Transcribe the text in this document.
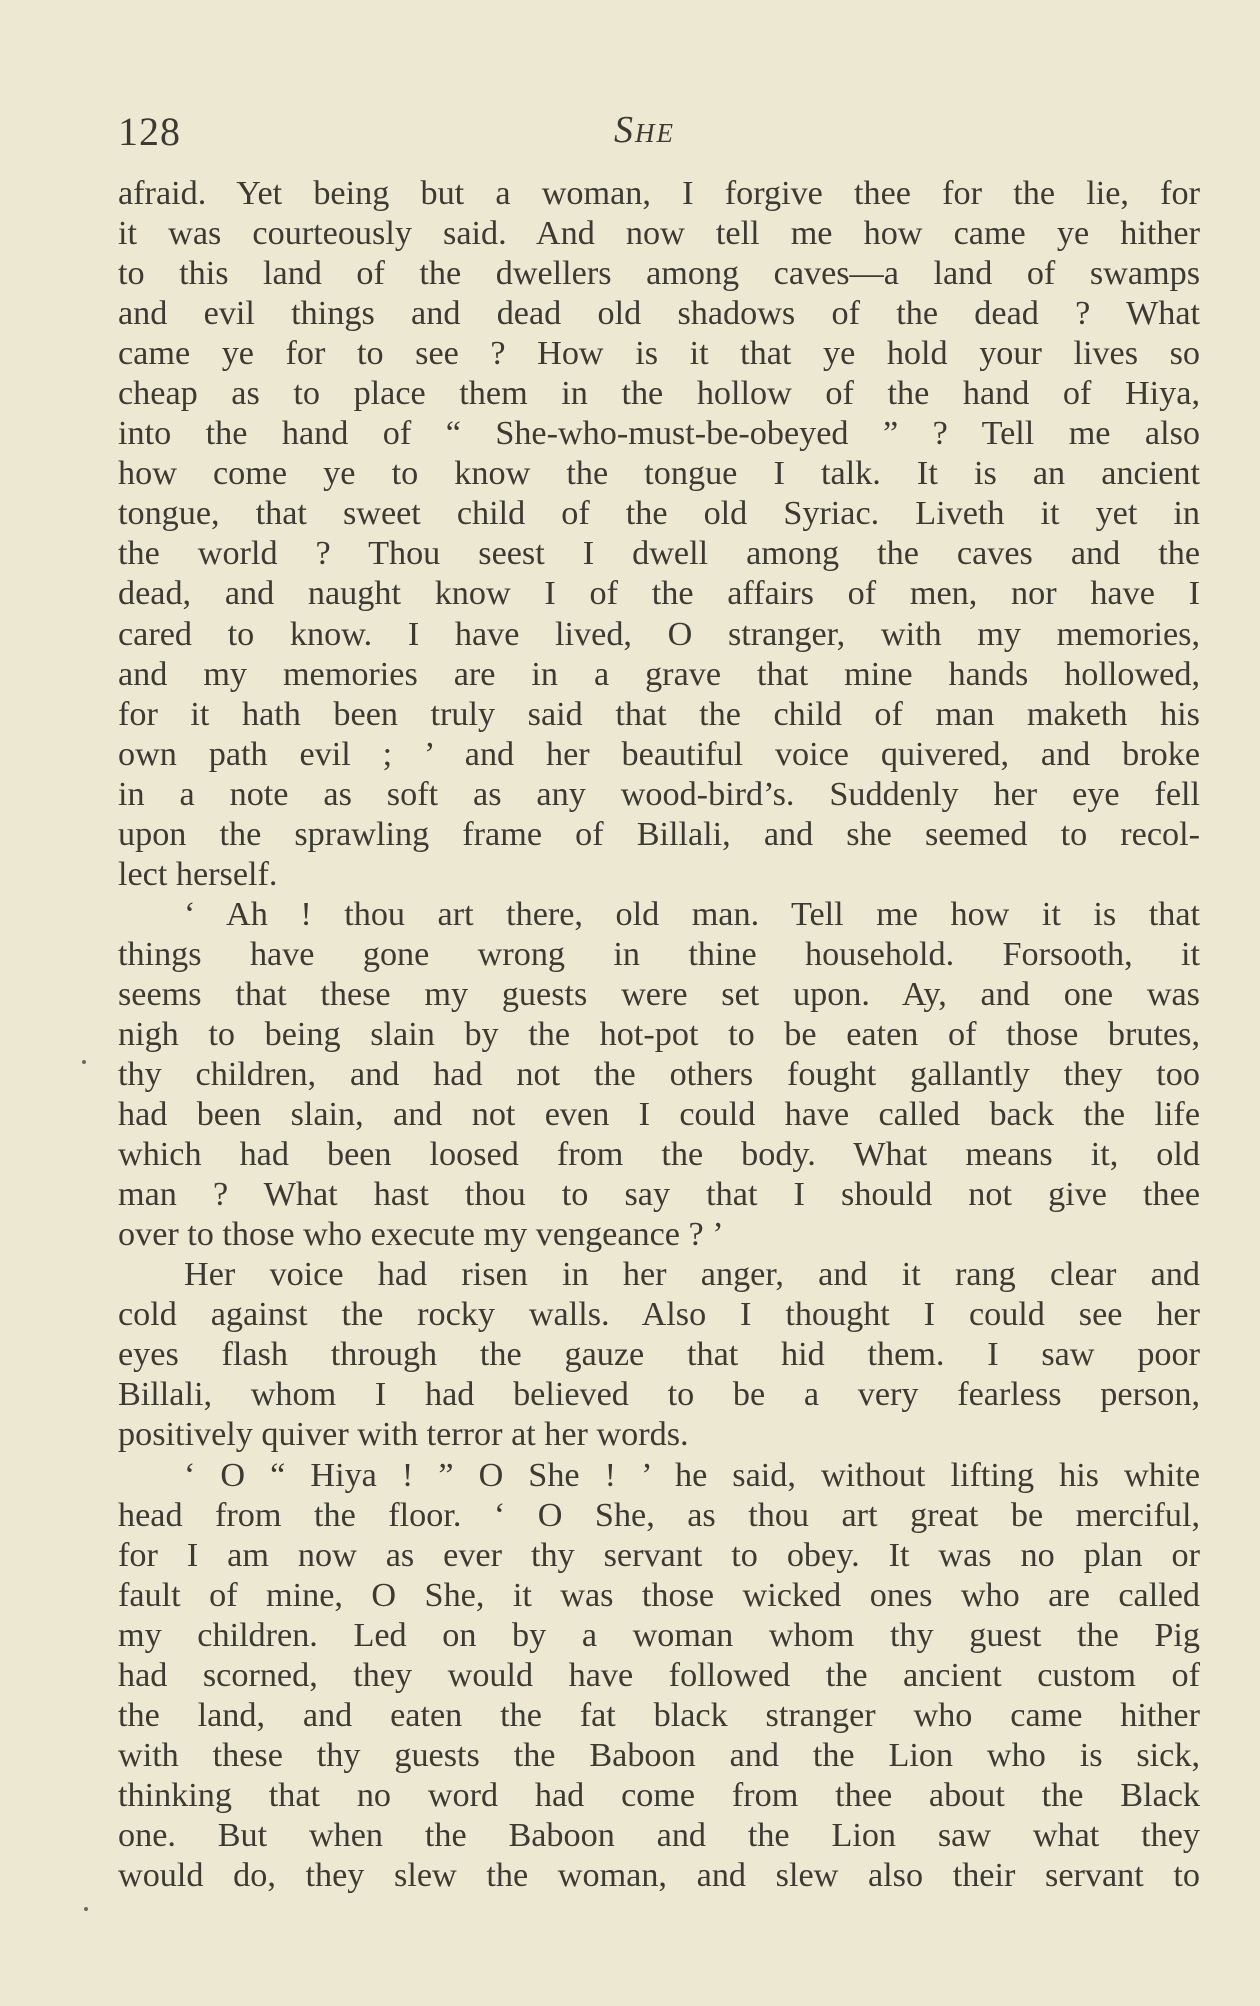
128	She
afraid. Yet being but a woman, I forgive thee for the lie, for
it was courteously said. And now tell me how came ye hither
to this land of the dwellers among caves—a land of swamps
and evil things and dead old shadows of the dead ? What
came ye for to see ? How is it that ye hold your lives so
cheap as to place them in the hollow of the hand of Hiya,
into the hand of “ She-who-must-be-obeyed ” ? Tell me also
how come ye to know the tongue I talk. It is an ancient
tongue, that sweet child of the old Syriac. Liveth it yet in
the world ? Thou seest I dwell among the caves and the
dead, and naught know I of the affairs of men, nor have I
cared to know. I have lived, O stranger, with my memories,
and my memories are in a grave that mine hands hollowed,
for it hath been truly said that the child of man maketh his
own path evil ; ’ and her beautiful voice quivered, and broke
in a note as soft as any wood-bird’s. Suddenly her eye fell
upon the sprawling frame of Billali, and she seemed to recol-
lect herself.
‘ Ah ! thou art there, old man. Tell me how it is that
things have gone wrong in thine household. Forsooth, it
seems that these my guests were set upon. Ay, and one was
nigh to being slain by the hot-pot to be eaten of those brutes,
thy children, and had not the others fought gallantly they too
had been slain, and not even I could have called back the life
which had been loosed from the body. What means it, old
man ? What hast thou to say that I should not give thee
over to those who execute my vengeance ? ’
Her voice had risen in her anger, and it rang clear and
cold against the rocky walls. Also I thought I could see her
eyes flash through the gauze that hid them. I saw poor
Billali, whom I had believed to be a very fearless person,
positively quiver with terror at her words.
‘ O “ Hiya ! ” O She ! ’ he said, without lifting his white
head from the floor. ‘ O She, as thou art great be merciful,
for I am now as ever thy servant to obey. It was no plan or
fault of mine, O She, it was those wicked ones who are called
my children. Led on by a woman whom thy guest the Pig
had scorned, they would have followed the ancient custom of
the land, and eaten the fat black stranger who came hither
with these thy guests the Baboon and the Lion who is sick,
thinking that no word had come from thee about the Black
one. But when the Baboon and the Lion saw what they
would do, they slew the woman, and slew also their servant to
